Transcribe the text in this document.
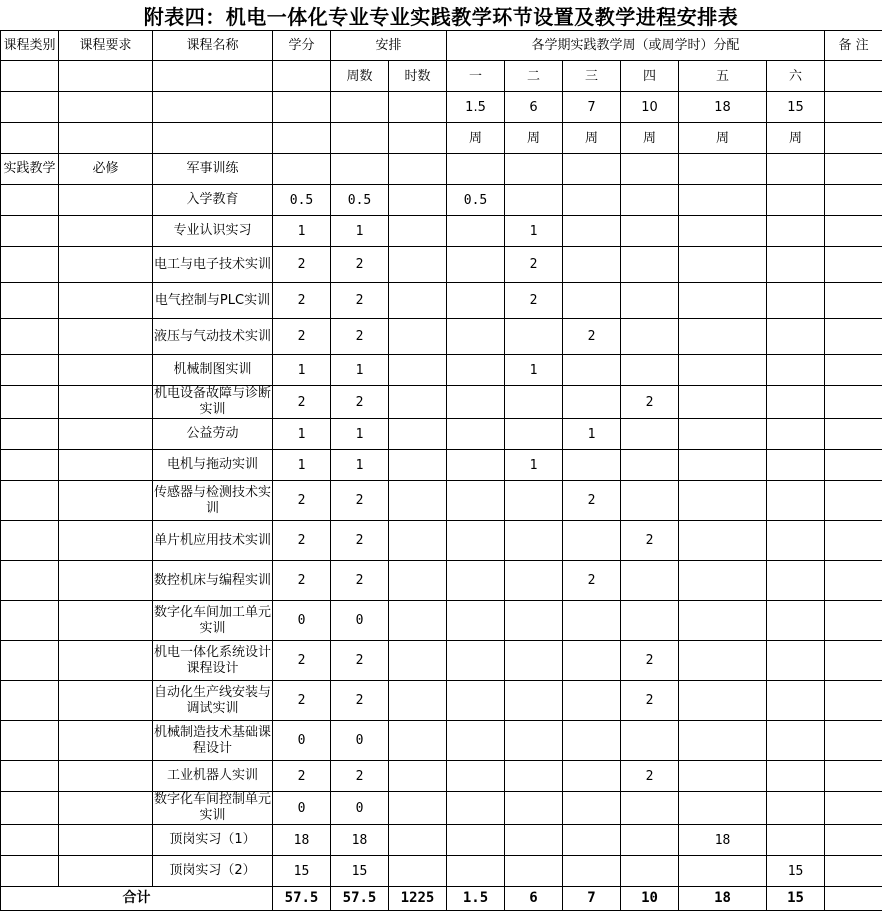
附表四：机电一体化专业专业实践教学环节设置及教学进程安排表
课程类别	课程要求	课程名称	学分	安排		各学期实践教学周（或周学时）分配						备 注
				周数	时数	一	二	三	四	五	六	
						1.5	6	7	10	18	15	
						周	周	周	周	周	周	
实践教学	必修	军事训练										
		入学教育	0.5	0.5		0.5						
		专业认识实习	1	1			1					
		电工与电子技术实训	2	2			2					
		电气控制与PLC实训	2	2			2					
		液压与气动技术实训	2	2				2				
		机械制图实训	1	1			1					
		机电设备故障与诊断实训	2	2					2			
		公益劳动	1	1				1				
		电机与拖动实训	1	1			1					
		传感器与检测技术实训	2	2				2				
		单片机应用技术实训	2	2					2			
		数控机床与编程实训	2	2				2				
		数字化车间加工单元实训	0	0								
		机电一体化系统设计课程设计	2	2					2			
		自动化生产线安装与调试实训	2	2					2			
		机械制造技术基础课程设计	0	0								
		工业机器人实训	2	2					2			
		数字化车间控制单元实训	0	0								
		顶岗实习（1）	18	18						18		
		顶岗实习（2）	15	15							15	
合计			57.5	57.5	1225	1.5	6	7	10	18	15	
